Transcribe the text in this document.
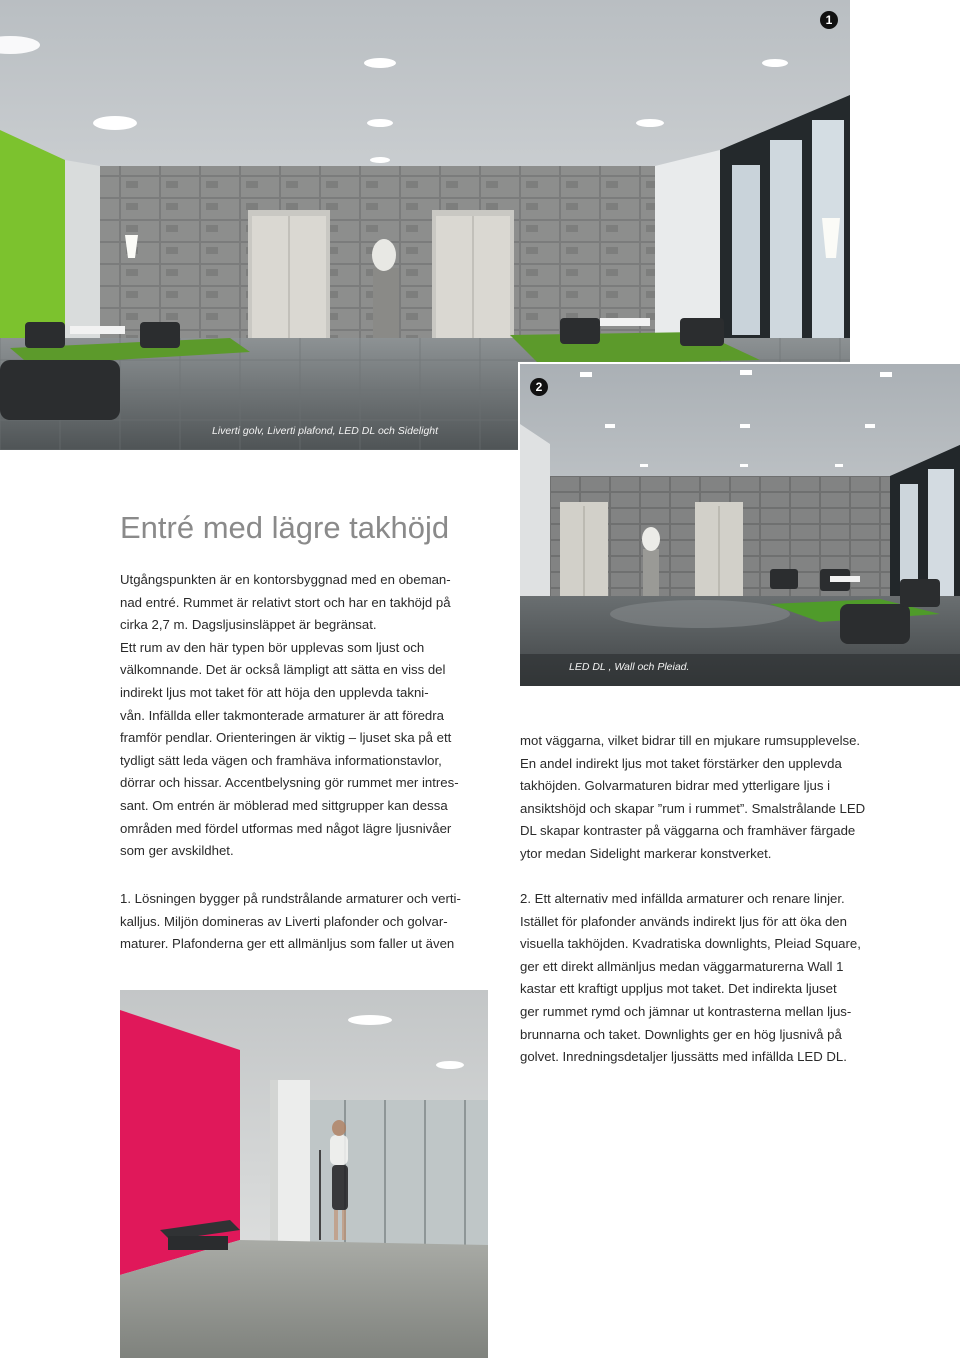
Liverti golv, Liverti plafond, LED DL och Sidelight
1
LED DL , Wall och Pleiad.
2
Entré med lägre takhöjd
Utgångspunkten är en kontorsbyggnad med en obeman-
nad entré. Rummet är relativt stort och har en takhöjd på
cirka 2,7 m. Dagsljusinsläppet är begränsat.
Ett rum av den här typen bör upplevas som ljust och
välkomnande. Det är också lämpligt att sätta en viss del
indirekt ljus mot taket för att höja den upplevda takni-
vån. Infällda eller takmonterade armaturer är att föredra
framför pendlar. Orienteringen är viktig – ljuset ska på ett
tydligt sätt leda vägen och framhäva informationstavlor,
dörrar och hissar. Accentbelysning gör rummet mer intres-
sant. Om entrén är möblerad med sittgrupper kan dessa
områden med fördel utformas med något lägre ljusnivåer
som ger avskildhet.
1. Lösningen bygger på rundstrålande armaturer och verti-
kalljus. Miljön domineras av Liverti plafonder och golvar-
maturer. Plafonderna ger ett allmänljus som faller ut även
mot väggarna, vilket bidrar till en mjukare rumsupplevelse.
En andel indirekt ljus mot taket förstärker den upplevda
takhöjden. Golvarmaturen bidrar med ytterligare ljus i
ansiktshöjd och skapar ”rum i rummet”. Smalstrålande LED
DL skapar kontraster på väggarna och framhäver färgade
ytor medan Sidelight markerar konstverket.
2. Ett alternativ med infällda armaturer och renare linjer.
Istället för plafonder används indirekt ljus för att öka den
visuella takhöjden. Kvadratiska downlights, Pleiad Square,
ger ett direkt allmänljus medan väggarmaturerna Wall 1
kastar ett kraftigt uppljus mot taket. Det indirekta ljuset
ger rummet rymd och jämnar ut kontrasterna mellan ljus-
brunnarna och taket. Downlights ger en hög ljusnivå på
golvet. Inredningsdetaljer ljussätts med infällda LED DL.
